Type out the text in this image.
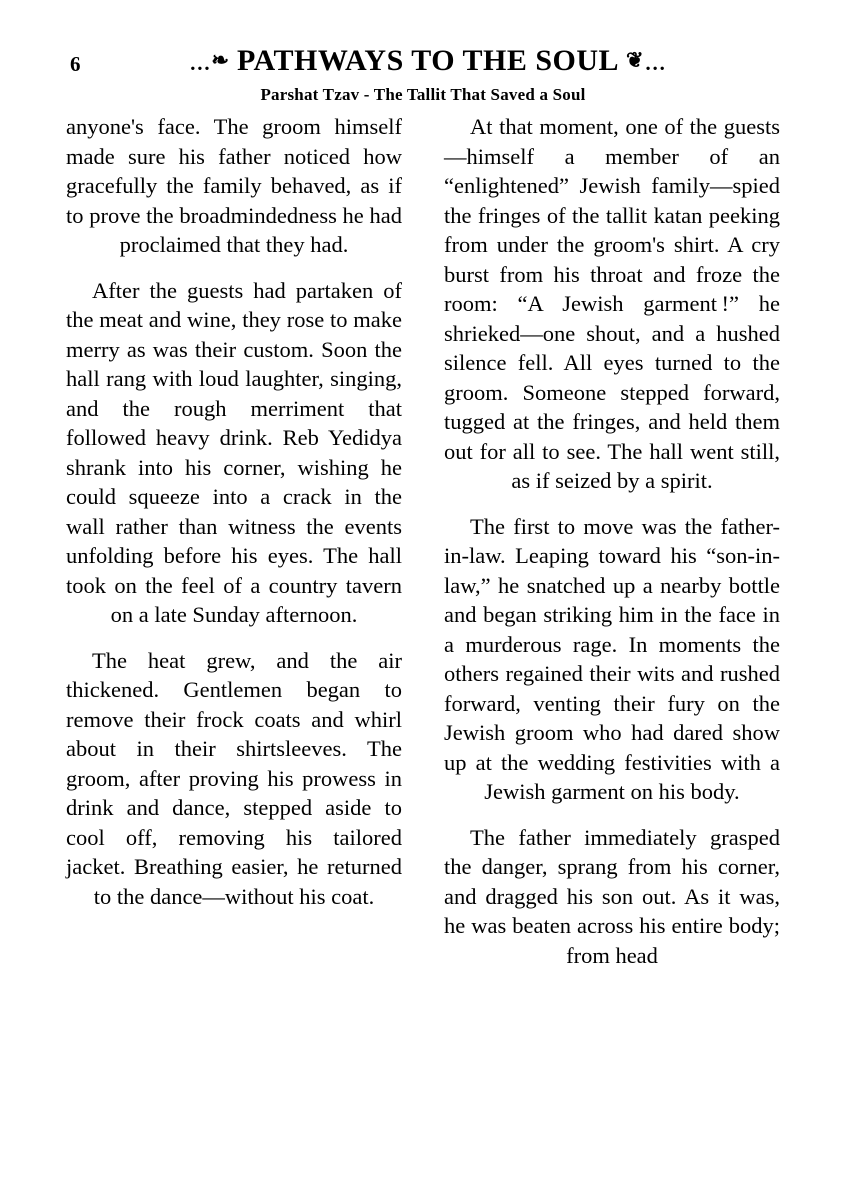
6	…❧ PATHWAYS TO THE SOUL ❦…
Parshat Tzav - The Tallit That Saved a Soul

anyone's face. The groom himself made sure his father noticed how gracefully the family behaved, as if to prove the broadmindedness he had proclaimed that they had.

After the guests had partaken of the meat and wine, they rose to make merry as was their custom. Soon the hall rang with loud laughter, singing, and the rough merriment that followed heavy drink. Reb Yedidya shrank into his corner, wishing he could squeeze into a crack in the wall rather than witness the events unfolding before his eyes. The hall took on the feel of a country tavern on a late Sunday afternoon.

The heat grew, and the air thickened. Gentlemen began to remove their frock coats and whirl about in their shirtsleeves. The groom, after proving his prowess in drink and dance, stepped aside to cool off, removing his tailored jacket. Breathing easier, he returned to the dance—without his coat.

At that moment, one of the guests—himself a member of an “enlightened” Jewish family—spied the fringes of the tallit katan peeking from under the groom's shirt. A cry burst from his throat and froze the room: “A Jewish garment !” he shrieked—one shout, and a hushed silence fell. All eyes turned to the groom. Someone stepped forward, tugged at the fringes, and held them out for all to see. The hall went still, as if seized by a spirit.

The first to move was the father-in-law. Leaping toward his “son-in-law,” he snatched up a nearby bottle and began striking him in the face in a murderous rage. In moments the others regained their wits and rushed forward, venting their fury on the Jewish groom who had dared show up at the wedding festivities with a Jewish garment on his body.

The father immediately grasped the danger, sprang from his corner, and dragged his son out. As it was, he was beaten across his entire body; from head
